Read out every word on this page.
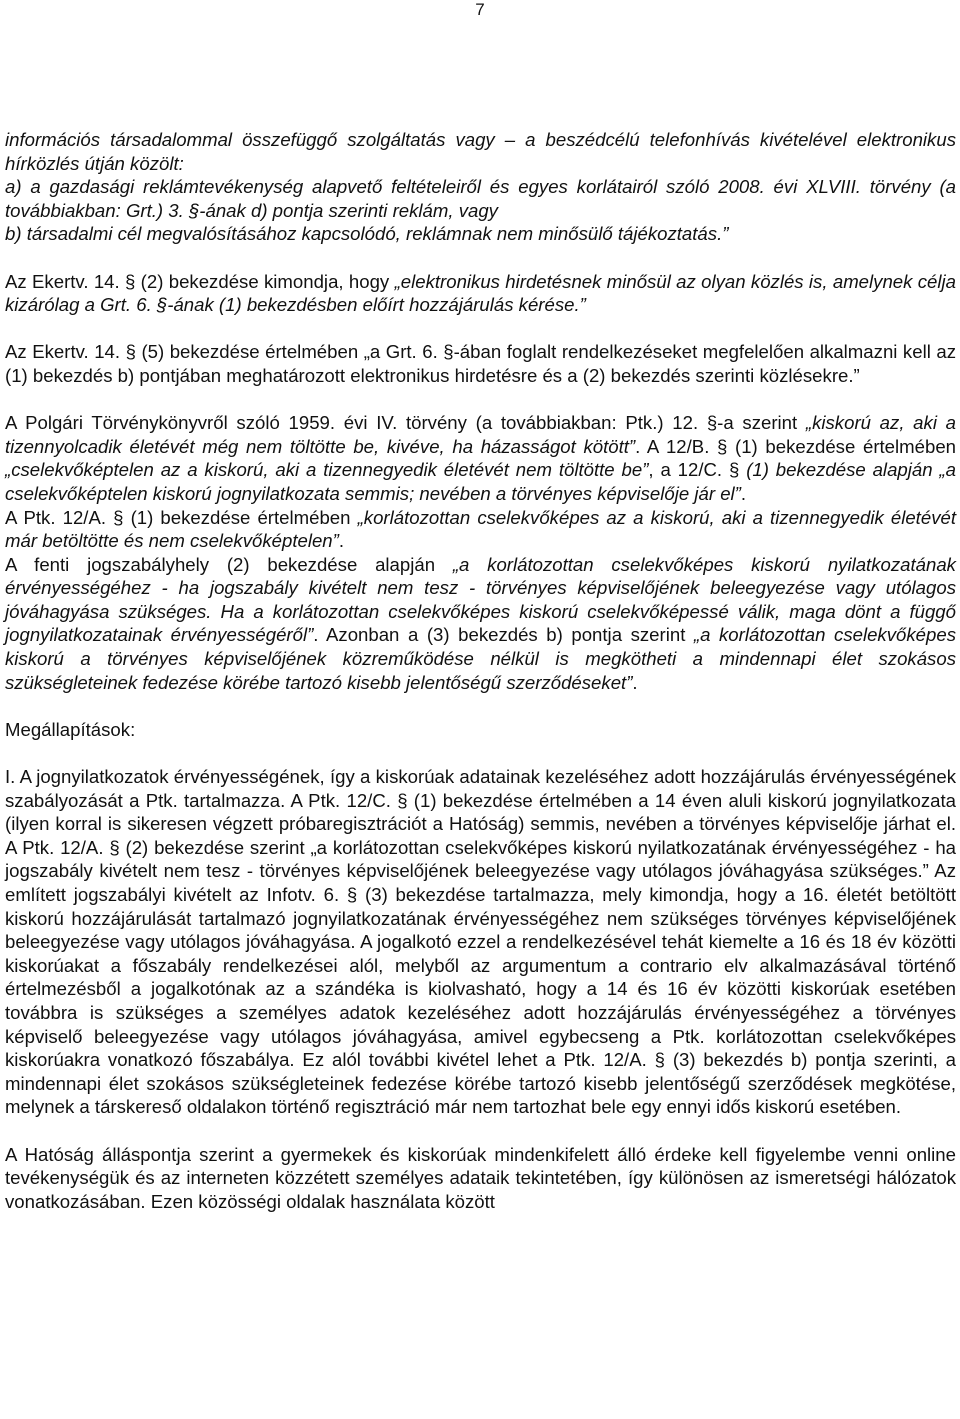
7

információs társadalommal összefüggő szolgáltatás vagy – a beszédcélú telefonhívás kivételével elektronikus hírközlés útján közölt:

a) a gazdasági reklámtevékenység alapvető feltételeiről és egyes korlátairól szóló 2008. évi XLVIII. törvény (a továbbiakban: Grt.) 3. §-ának d) pontja szerinti reklám, vagy

b) társadalmi cél megvalósításához kapcsolódó, reklámnak nem minősülő tájékoztatás.”

Az Ekertv. 14. § (2) bekezdése kimondja, hogy „elektronikus hirdetésnek minősül az olyan közlés is, amelynek célja kizárólag a Grt. 6. §-ának (1) bekezdésben előírt hozzájárulás kérése.”

Az Ekertv. 14. § (5) bekezdése értelmében „a Grt. 6. §-ában foglalt rendelkezéseket megfelelően alkalmazni kell az (1) bekezdés b) pontjában meghatározott elektronikus hirdetésre és a (2) bekezdés szerinti közlésekre.”

A Polgári Törvénykönyvről szóló 1959. évi IV. törvény (a továbbiakban: Ptk.) 12. §-a szerint „kiskorú az, aki a tizennyolcadik életévét még nem töltötte be, kivéve, ha házasságot kötött”. A 12/B. § (1) bekezdése értelmében „cselekvőképtelen az a kiskorú, aki a tizennegyedik életévét nem töltötte be”, a 12/C. § (1) bekezdése alapján „a cselekvőképtelen kiskorú jognyilatkozata semmis; nevében a törvényes képviselője jár el”.

A Ptk. 12/A. § (1) bekezdése értelmében „korlátozottan cselekvőképes az a kiskorú, aki a tizennegyedik életévét már betöltötte és nem cselekvőképtelen”.

A fenti jogszabályhely (2) bekezdése alapján „a korlátozottan cselekvőképes kiskorú nyilatkozatának érvényességéhez - ha jogszabály kivételt nem tesz - törvényes képviselőjének beleegyezése vagy utólagos jóváhagyása szükséges. Ha a korlátozottan cselekvőképes kiskorú cselekvőképessé válik, maga dönt a függő jognyilatkozatainak érvényességéről”. Azonban a (3) bekezdés b) pontja szerint „a korlátozottan cselekvőképes kiskorú a törvényes képviselőjének közreműködése nélkül is megkötheti a mindennapi élet szokásos szükségleteinek fedezése körébe tartozó kisebb jelentőségű szerződéseket”.

Megállapítások:

I. A jognyilatkozatok érvényességének, így a kiskorúak adatainak kezeléséhez adott hozzájárulás érvényességének szabályozását a Ptk. tartalmazza. A Ptk. 12/C. § (1) bekezdése értelmében a 14 éven aluli kiskorú jognyilatkozata (ilyen korral is sikeresen végzett próbaregisztrációt a Hatóság) semmis, nevében a törvényes képviselője járhat el. A Ptk. 12/A. § (2) bekezdése szerint „a korlátozottan cselekvőképes kiskorú nyilatkozatának érvényességéhez - ha jogszabály kivételt nem tesz - törvényes képviselőjének beleegyezése vagy utólagos jóváhagyása szükséges.” Az említett jogszabályi kivételt az Infotv. 6. § (3) bekezdése tartalmazza, mely kimondja, hogy a 16. életét betöltött kiskorú hozzájárulását tartalmazó jognyilatkozatának érvényességéhez nem szükséges törvényes képviselőjének beleegyezése vagy utólagos jóváhagyása. A jogalkotó ezzel a rendelkezésével tehát kiemelte a 16 és 18 év közötti kiskorúakat a főszabály rendelkezései alól, melyből az argumentum a contrario elv alkalmazásával történő értelmezésből a jogalkotónak az a szándéka is kiolvasható, hogy a 14 és 16 év közötti kiskorúak esetében továbbra is szükséges a személyes adatok kezeléséhez adott hozzájárulás érvényességéhez a törvényes képviselő beleegyezése vagy utólagos jóváhagyása, amivel egybecseng a Ptk. korlátozottan cselekvőképes kiskorúakra vonatkozó főszabálya. Ez alól további kivétel lehet a Ptk. 12/A. § (3) bekezdés b) pontja szerinti, a mindennapi élet szokásos szükségleteinek fedezése körébe tartozó kisebb jelentőségű szerződések megkötése, melynek a társkereső oldalakon történő regisztráció már nem tartozhat bele egy ennyi idős kiskorú esetében.

A Hatóság álláspontja szerint a gyermekek és kiskorúak mindenkifelett álló érdeke kell figyelembe venni online tevékenységük és az interneten közzétett személyes adataik tekintetében, így különösen az ismeretségi hálózatok vonatkozásában. Ezen közösségi oldalak használata között
